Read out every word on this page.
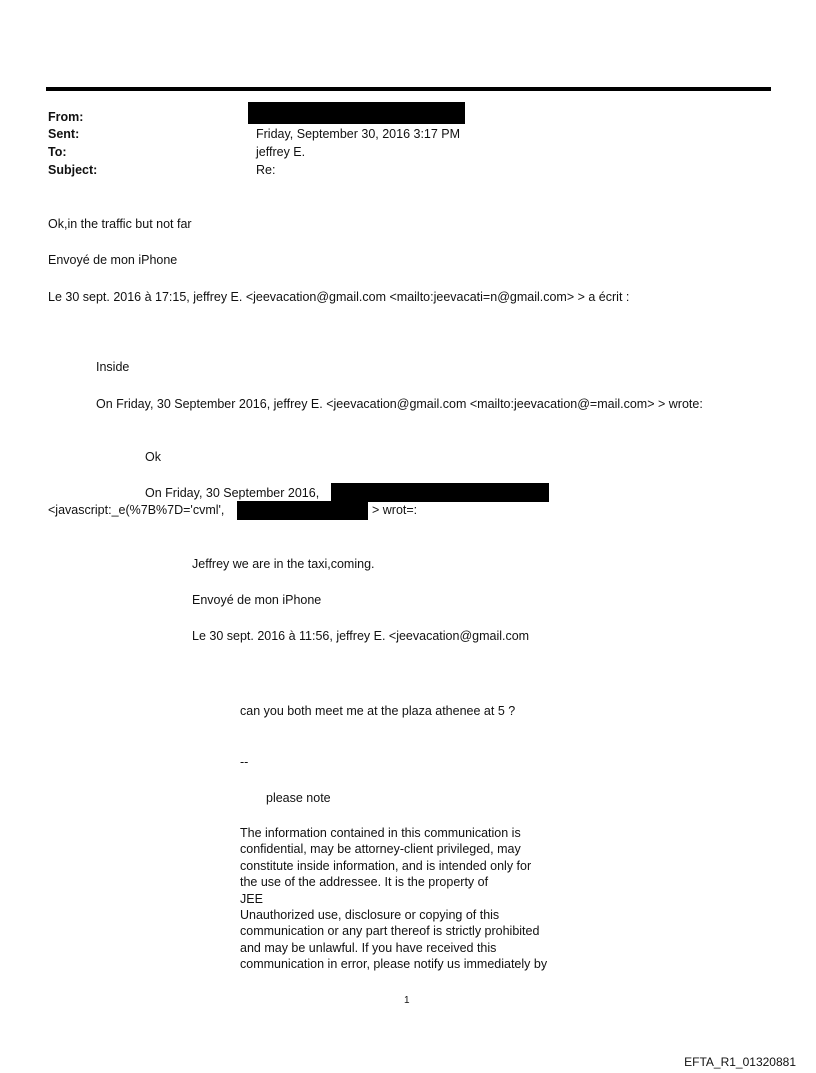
From:
Sent:	Friday, September 30, 2016 3:17 PM
To:	jeffrey E.
Subject:	Re:
Ok,in the traffic but not far
Envoyé de mon iPhone
Le 30 sept. 2016 à 17:15, jeffrey E. <jeevacation@gmail.com <mailto:jeevacati=n@gmail.com> > a écrit :
Inside
On Friday, 30 September 2016, jeffrey E. <jeevacation@gmail.com <mailto:jeevacation@=mail.com> > wrote:
Ok
On Friday, 30 September 2016,
<javascript:_e(%7B%7D='cvml',	> wrot=:
Jeffrey we are in the taxi,coming.
Envoyé de mon iPhone
Le 30 sept. 2016 à 11:56, jeffrey E. <jeevacation@gmail.com
can you both meet me at the plaza athenee at 5 ?
--
please note
The information contained in this communication is
confidential, may be attorney-client privileged, may
constitute inside information, and is intended only for
the use of the addressee. It is the property of
JEE
Unauthorized use, disclosure or copying of this
communication or any part thereof is strictly prohibited
and may be unlawful. If you have received this
communication in error, please notify us immediately by
1
EFTA_R1_01320881
